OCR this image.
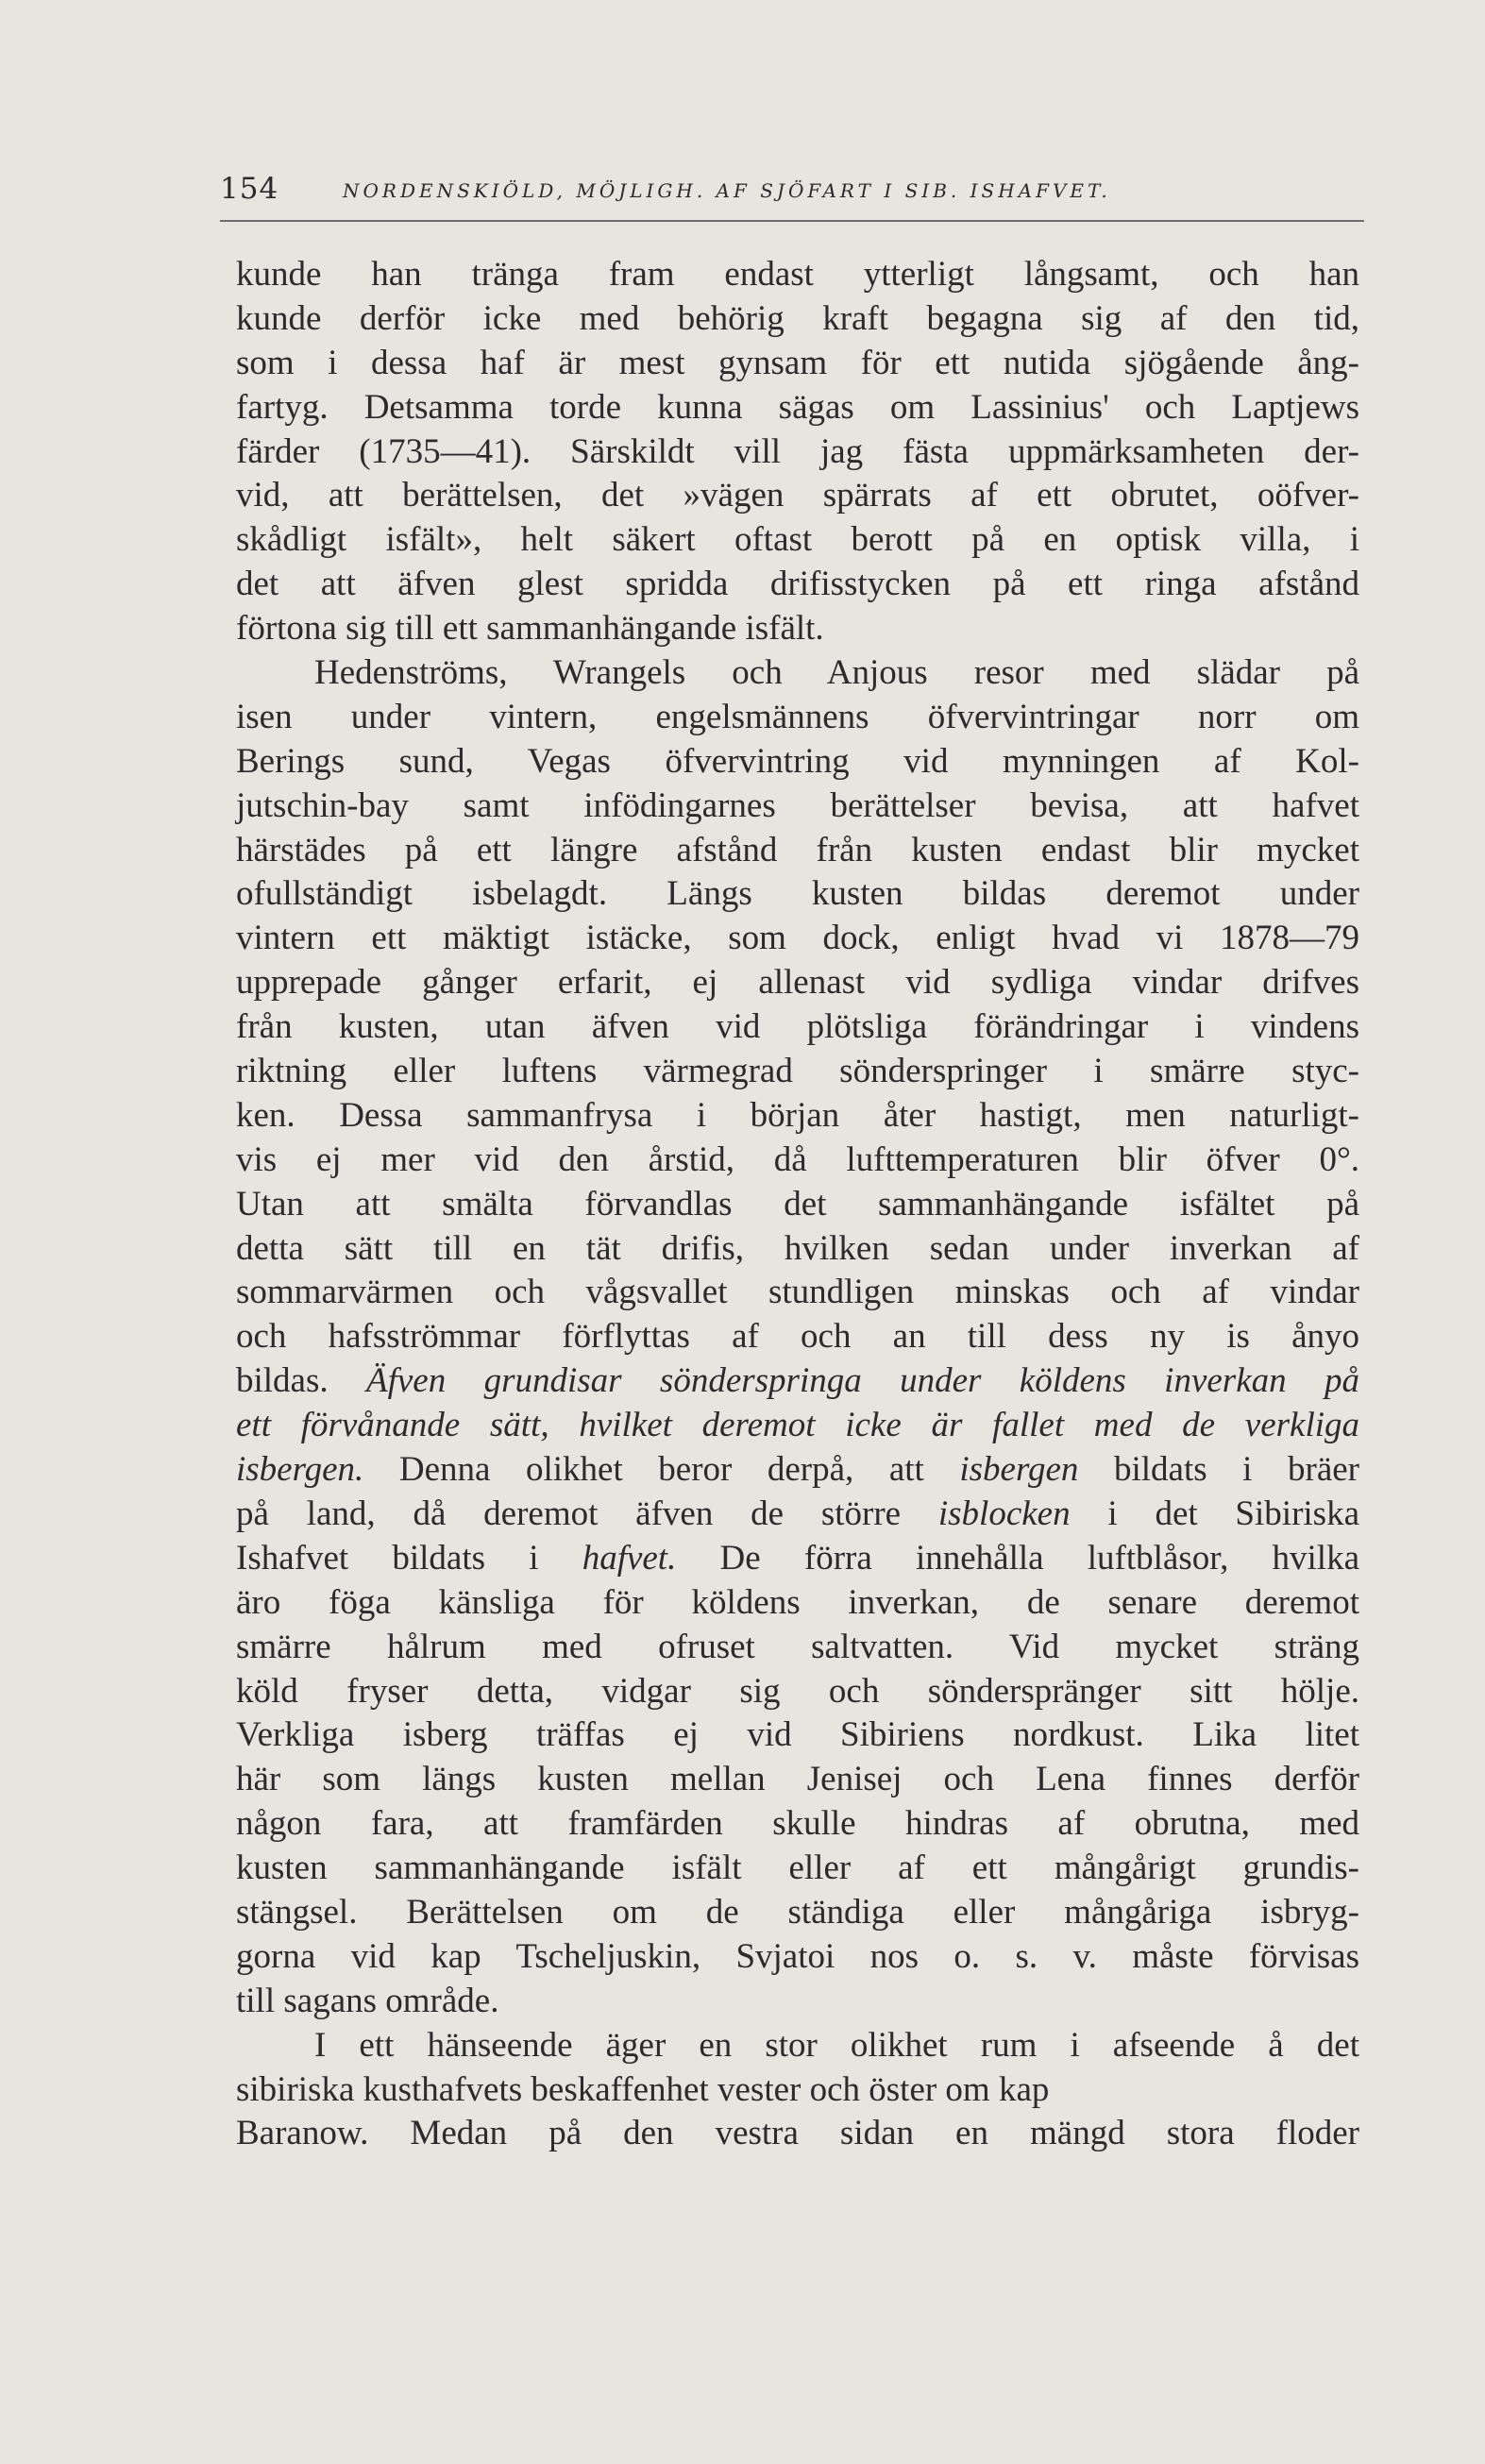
154	NORDENSKIÖLD, MÖJLIGH. AF SJÖFART I SIB. ISHAFVET.
kunde han tränga fram endast ytterligt långsamt, och han
kunde derför icke med behörig kraft begagna sig af den tid,
som i dessa haf är mest gynsam för ett nutida sjögående ång-
fartyg. Detsamma torde kunna sägas om Lassinius' och Laptjews
färder (1735—41). Särskildt vill jag fästa uppmärksamheten der-
vid, att berättelsen, det »vägen spärrats af ett obrutet, oöfver-
skådligt isfält», helt säkert oftast berott på en optisk villa, i
det att äfven glest spridda drifisstycken på ett ringa afstånd
förtona sig till ett sammanhängande isfält.
Hedenströms, Wrangels och Anjous resor med slädar på
isen under vintern, engelsmännens öfvervintringar norr om
Berings sund, Vegas öfvervintring vid mynningen af Kol-
jutschin-bay samt infödingarnes berättelser bevisa, att hafvet
härstädes på ett längre afstånd från kusten endast blir mycket
ofullständigt isbelagdt. Längs kusten bildas deremot under
vintern ett mäktigt istäcke, som dock, enligt hvad vi 1878—79
upprepade gånger erfarit, ej allenast vid sydliga vindar drifves
från kusten, utan äfven vid plötsliga förändringar i vindens
riktning eller luftens värmegrad sönderspringer i smärre styc-
ken. Dessa sammanfrysa i början åter hastigt, men naturligt-
vis ej mer vid den årstid, då lufttemperaturen blir öfver 0°.
Utan att smälta förvandlas det sammanhängande isfältet på
detta sätt till en tät drifis, hvilken sedan under inverkan af
sommarvärmen och vågsvallet stundligen minskas och af vindar
och hafsströmmar förflyttas af och an till dess ny is ånyo
bildas. Äfven grundisar sönderspringa under köldens inverkan på
ett förvånande sätt, hvilket deremot icke är fallet med de verkliga
isbergen. Denna olikhet beror derpå, att isbergen bildats i bräer
på land, då deremot äfven de större isblocken i det Sibiriska
Ishafvet bildats i hafvet. De förra innehålla luftblåsor, hvilka
äro föga känsliga för köldens inverkan, de senare deremot
smärre hålrum med ofruset saltvatten. Vid mycket sträng
köld fryser detta, vidgar sig och sönderspränger sitt hölje.
Verkliga isberg träffas ej vid Sibiriens nordkust. Lika litet
här som längs kusten mellan Jenisej och Lena finnes derför
någon fara, att framfärden skulle hindras af obrutna, med
kusten sammanhängande isfält eller af ett mångårigt grundis-
stängsel. Berättelsen om de ständiga eller mångåriga isbryg-
gorna vid kap Tscheljuskin, Svjatoi nos o. s. v. måste förvisas
till sagans område.
I ett hänseende äger en stor olikhet rum i afseende å det
sibiriska kusthafvets beskaffenhet vester och öster om kap
Baranow. Medan på den vestra sidan en mängd stora floder
